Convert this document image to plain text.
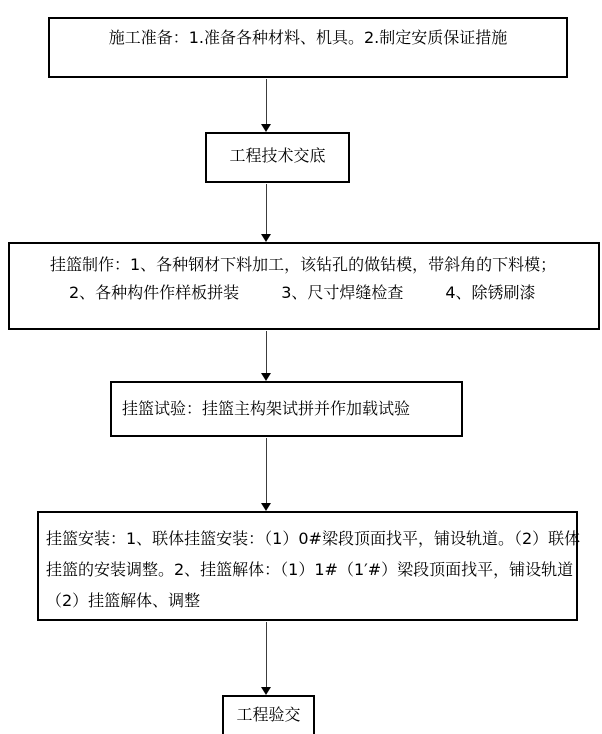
施工准备：1.准备各种材料、机具。2.制定安质保证措施
工程技术交底
挂篮制作：1、各种钢材下料加工，该钻孔的做钻模，带斜角的下料模；
2、各种构件作样板拼装	3、尺寸焊缝检查	4、除锈刷漆
挂篮试验：挂篮主构架试拼并作加载试验
挂篮安装：1、联体挂篮安装：（1）0#梁段顶面找平，铺设轨道。（2）联体
挂篮的安装调整。2、挂篮解体：（1）1#（1′#）梁段顶面找平，铺设轨道
（2）挂篮解体、调整
工程验交
